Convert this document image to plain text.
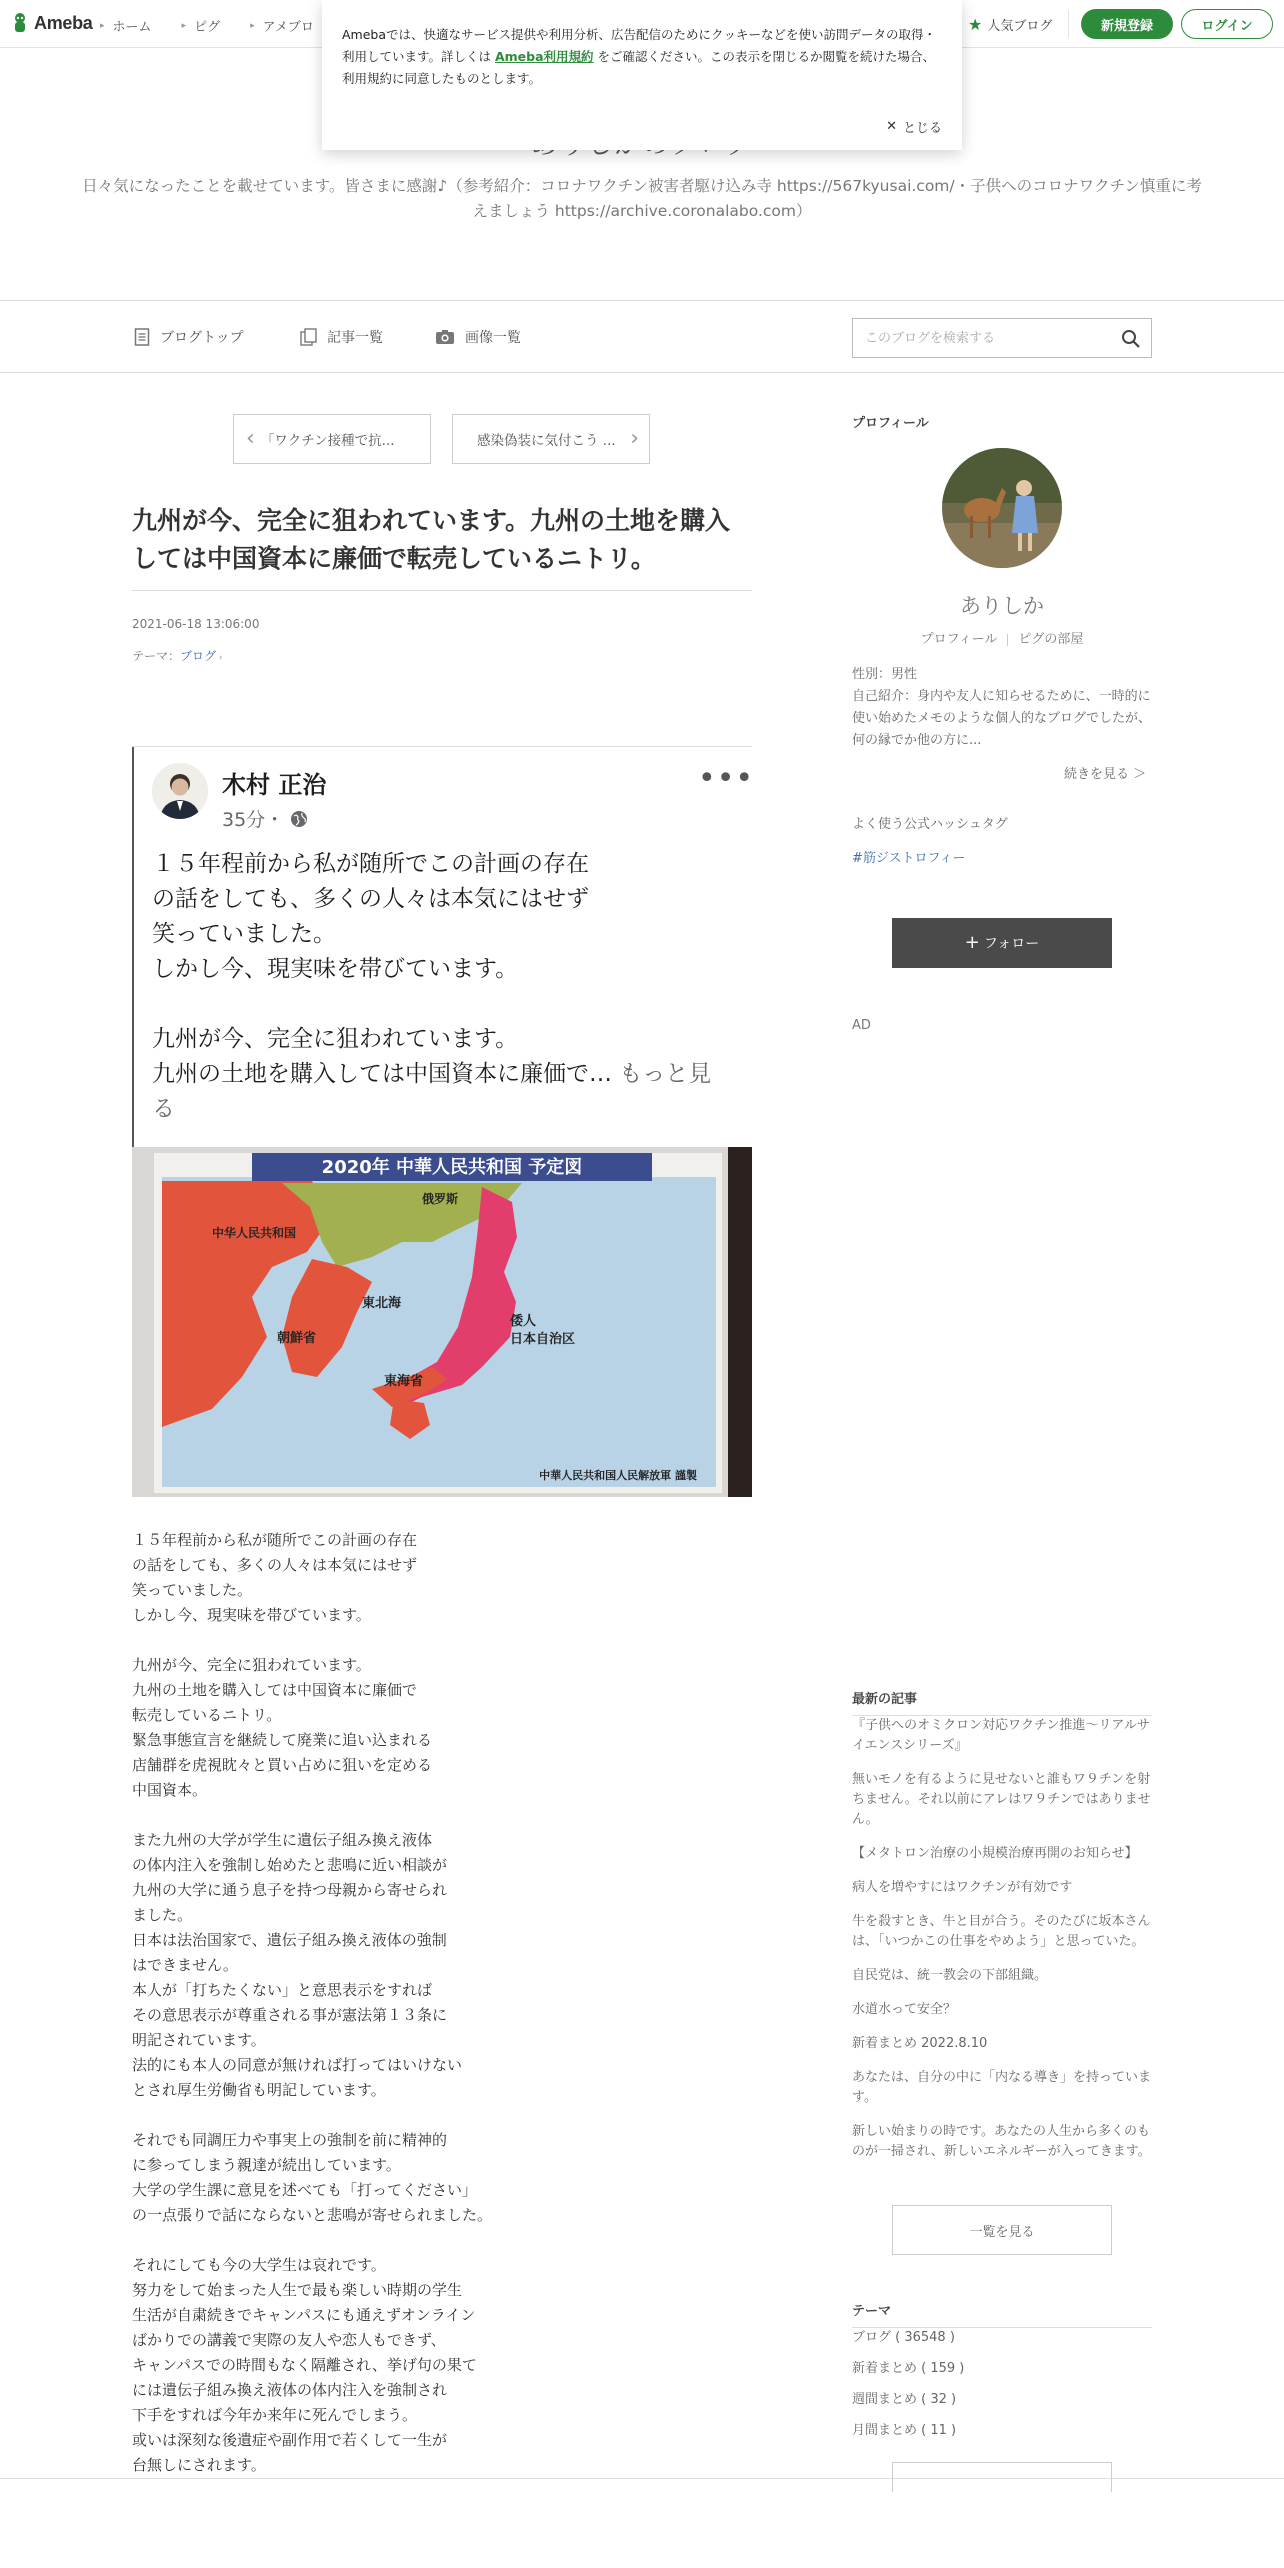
Ameba ▸ ホーム	▸ ピグ	▸ アメブロ	★ 人気ブログ	新規登録	ログイン

Amebaでは、快適なサービス提供や利用分析、広告配信のためにクッキーなどを使い訪問データの取得・利用しています。詳しくは Ameba利用規約 をご確認ください。この表示を閉じるか閲覧を続けた場合、利用規約に同意したものとします。

✕ とじる
日々気になったことを載せています。皆さまに感謝♪（参考紹介：コロナワクチン被害者駆け込み寺 https://567kyusai.com/・子供へのコロナワクチン慎重に考えましょう https://archive.coronalabo.com）
ブログトップ	記事一覧	画像一覧
このブログを検索する
‹ 「ワクチン接種で抗...	感染偽装に気付こう ... ›
九州が今、完全に狙われています。九州の土地を購入しては中国資本に廉価で転売しているニトリ。
2021-06-18 13:06:00
テーマ：ブログ ›
木村 正治
35分・
•••
１５年程前から私が随所でこの計画の存在
の話をしても、多くの人々は本気にはせず
笑っていました。
しかし今、現実味を帯びています。

九州が今、完全に狙われています。
九州の土地を購入しては中国資本に廉価で… もっと見る
2020年 中華人民共和国 予定図
中华人民共和国
俄罗斯
東北海
朝鮮省
倭人
日本自治区
東海省
中華人民共和国人民解放軍 謹製
１５年程前から私が随所でこの計画の存在
の話をしても、多くの人々は本気にはせず
笑っていました。
しかし今、現実味を帯びています。

九州が今、完全に狙われています。
九州の土地を購入しては中国資本に廉価で
転売しているニトリ。
緊急事態宣言を継続して廃業に追い込まれる
店舗群を虎視眈々と買い占めに狙いを定める
中国資本。

また九州の大学が学生に遺伝子組み換え液体
の体内注入を強制し始めたと悲鳴に近い相談が
九州の大学に通う息子を持つ母親から寄せられ
ました。
日本は法治国家で、遺伝子組み換え液体の強制
はできません。
本人が「打ちたくない」と意思表示をすれば
その意思表示が尊重される事が憲法第１３条に
明記されています。
法的にも本人の同意が無ければ打ってはいけない
とされ厚生労働省も明記しています。

それでも同調圧力や事実上の強制を前に精神的
に参ってしまう親達が続出しています。
大学の学生課に意見を述べても「打ってください」
の一点張りで話にならないと悲鳴が寄せられました。

それにしても今の大学生は哀れです。
努力をして始まった人生で最も楽しい時期の学生
生活が自粛続きでキャンパスにも通えずオンライン
ばかりでの講義で実際の友人や恋人もできず、
キャンパスでの時間もなく隔離され、挙げ句の果て
には遺伝子組み換え液体の体内注入を強制され
下手をすれば今年か来年に死んでしまう。
或いは深刻な後遺症や副作用で若くして一生が
台無しにされます。
プロフィール
ありしか
プロフィール ピグの部屋
性別：男性
自己紹介：身内や友人に知らせるために、一時的に使い始めたメモのような個人的なブログでしたが、何の縁でか他の方に...
続きを見る ＞
よく使う公式ハッシュタグ
#筋ジストロフィー
+ フォロー
AD
最新の記事
『子供へのオミクロン対応ワクチン推進〜リアルサイエンスシリーズ』
無いモノを有るように見せないと誰もワ９チンを射ちません。それ以前にアレはワ９チンではありません。
【メタトロン治療の小規模治療再開のお知らせ】
病人を増やすにはワクチンが有効です
牛を殺すとき、牛と目が合う。そのたびに坂本さんは、「いつかこの仕事をやめよう」と思っていた。
自民党は、統一教会の下部組織。
水道水って安全？
新着まとめ 2022.8.10
あなたは、自分の中に「内なる導き」を持っています。
新しい始まりの時です。あなたの人生から多くのものが一掃され、新しいエネルギーが入ってきます。
一覧を見る
テーマ
ブログ ( 36548 )
新着まとめ ( 159 )
週間まとめ ( 32 )
月間まとめ ( 11 )
